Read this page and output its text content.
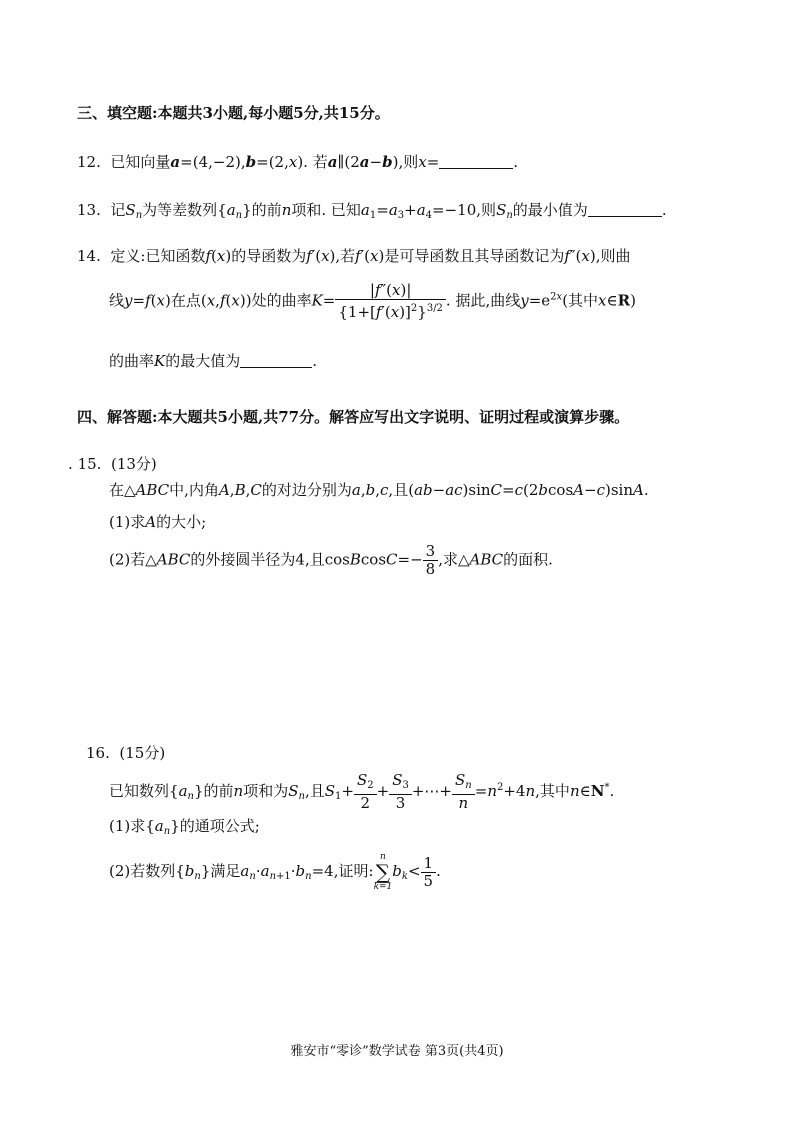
三、填空题:本题共3小题,每小题5分,共15分。
12. 已知向量a=(4,−2),b=(2,x). 若a∥(2a−b),则x=	.
13. 记$S_n$为等差数列$\{a_n\}$的前n项和. 已知$a_1=a_3+a_4=-10$,则$S_n$的最小值为	.
14. 定义:已知函数f(x)的导函数为f′(x),若f′(x)是可导函数且其导函数记为f″(x),则曲
线y=f(x)在点(x,f(x))处的曲率$K= \frac{|f''(x)|}{\{1+[f'(x)]^2\}^{3/2}}$ . 据此,曲线$y=e^{2x}$(其中x∈R)
的曲率K的最大值为	.
四、解答题:本大题共5小题,共77分。解答应写出文字说明、证明过程或演算步骤。
. 15. (13分)
在△ABC中,内角A,B,C的对边分别为a,b,c,且(ab−ac)sinC=c(2bcosA−c)sinA.
(1)求A的大小;
(2)若△ABC的外接圆半径为4,且cosBcosC=− $\frac{3}{8}$ ,求△ABC的面积.
16. (15分)
已知数列$\{a_n\}$的前n项和为$S_n$,且$S_1+ \frac{S_2}{2} + \frac{S_3}{3}$ +⋯+ $\frac{S_n}{n} =n^2+4n$,其中n∈N*.
(1)求$\{a_n\}$的通项公式;
(2)若数列$\{b_n\}$满足$a_n\cdot a_{n+1}\cdot b_n=4$,证明:
n
∑
k=1
$b_k< \frac{1}{5}$ .
雅安市“零诊”数学试卷 第3页(共4页)
